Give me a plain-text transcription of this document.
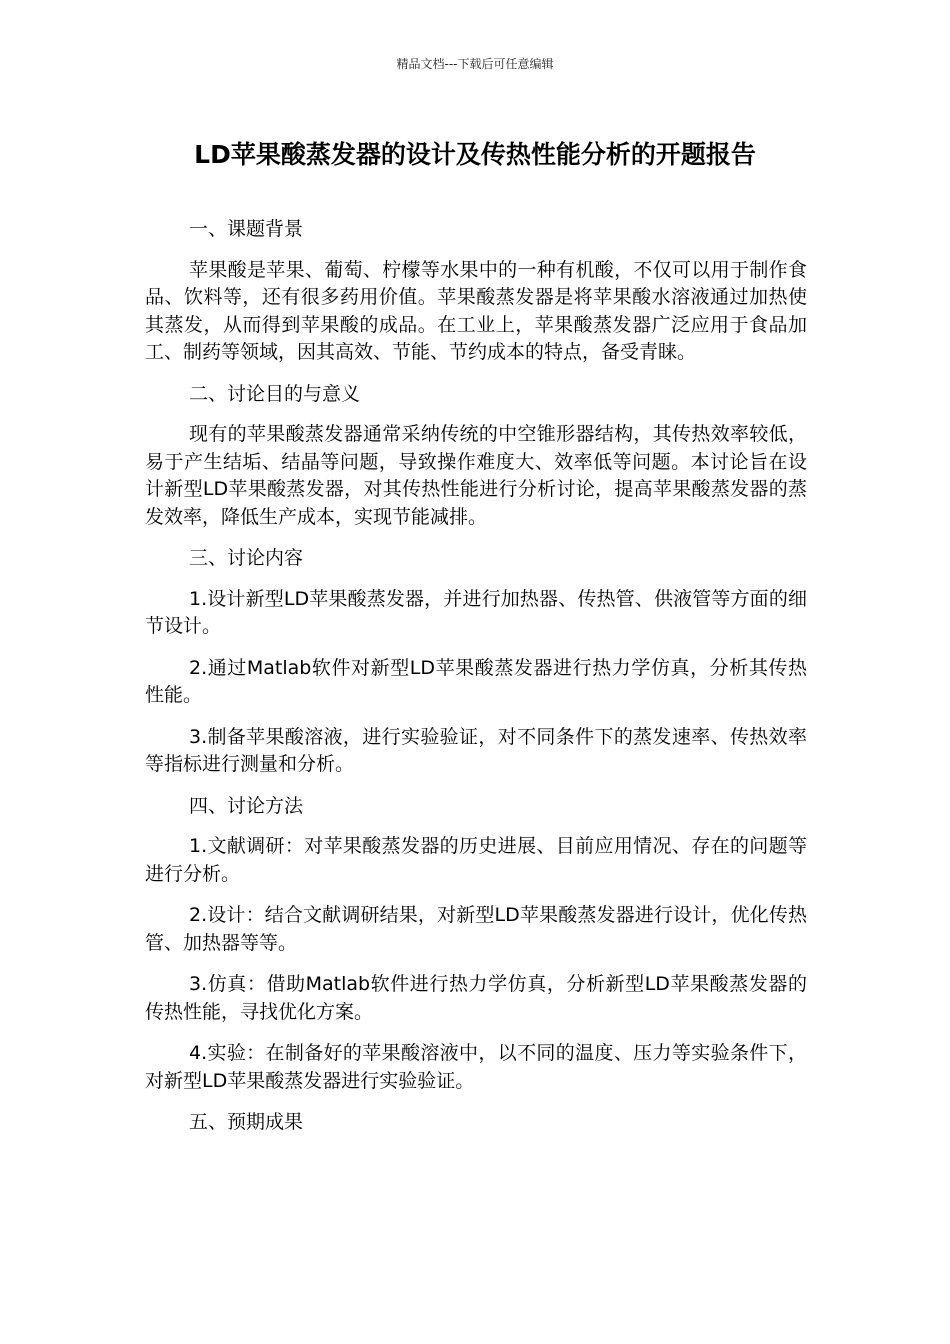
精品文档---下载后可任意编辑
LD苹果酸蒸发器的设计及传热性能分析的开题报告

一、课题背景

苹果酸是苹果、葡萄、柠檬等水果中的一种有机酸，不仅可以用于制作食品、饮料等，还有很多药用价值。苹果酸蒸发器是将苹果酸水溶液通过加热使其蒸发，从而得到苹果酸的成品。在工业上，苹果酸蒸发器广泛应用于食品加工、制药等领域，因其高效、节能、节约成本的特点，备受青睐。

二、讨论目的与意义

现有的苹果酸蒸发器通常采纳传统的中空锥形器结构，其传热效率较低，易于产生结垢、结晶等问题，导致操作难度大、效率低等问题。本讨论旨在设计新型LD苹果酸蒸发器，对其传热性能进行分析讨论，提高苹果酸蒸发器的蒸发效率，降低生产成本，实现节能减排。

三、讨论内容

1.设计新型LD苹果酸蒸发器，并进行加热器、传热管、供液管等方面的细节设计。

2.通过Matlab软件对新型LD苹果酸蒸发器进行热力学仿真，分析其传热性能。

3.制备苹果酸溶液，进行实验验证，对不同条件下的蒸发速率、传热效率等指标进行测量和分析。

四、讨论方法

1.文献调研：对苹果酸蒸发器的历史进展、目前应用情况、存在的问题等进行分析。

2.设计：结合文献调研结果，对新型LD苹果酸蒸发器进行设计，优化传热管、加热器等等。

3.仿真：借助Matlab软件进行热力学仿真，分析新型LD苹果酸蒸发器的传热性能，寻找优化方案。

4.实验：在制备好的苹果酸溶液中，以不同的温度、压力等实验条件下，对新型LD苹果酸蒸发器进行实验验证。

五、预期成果
